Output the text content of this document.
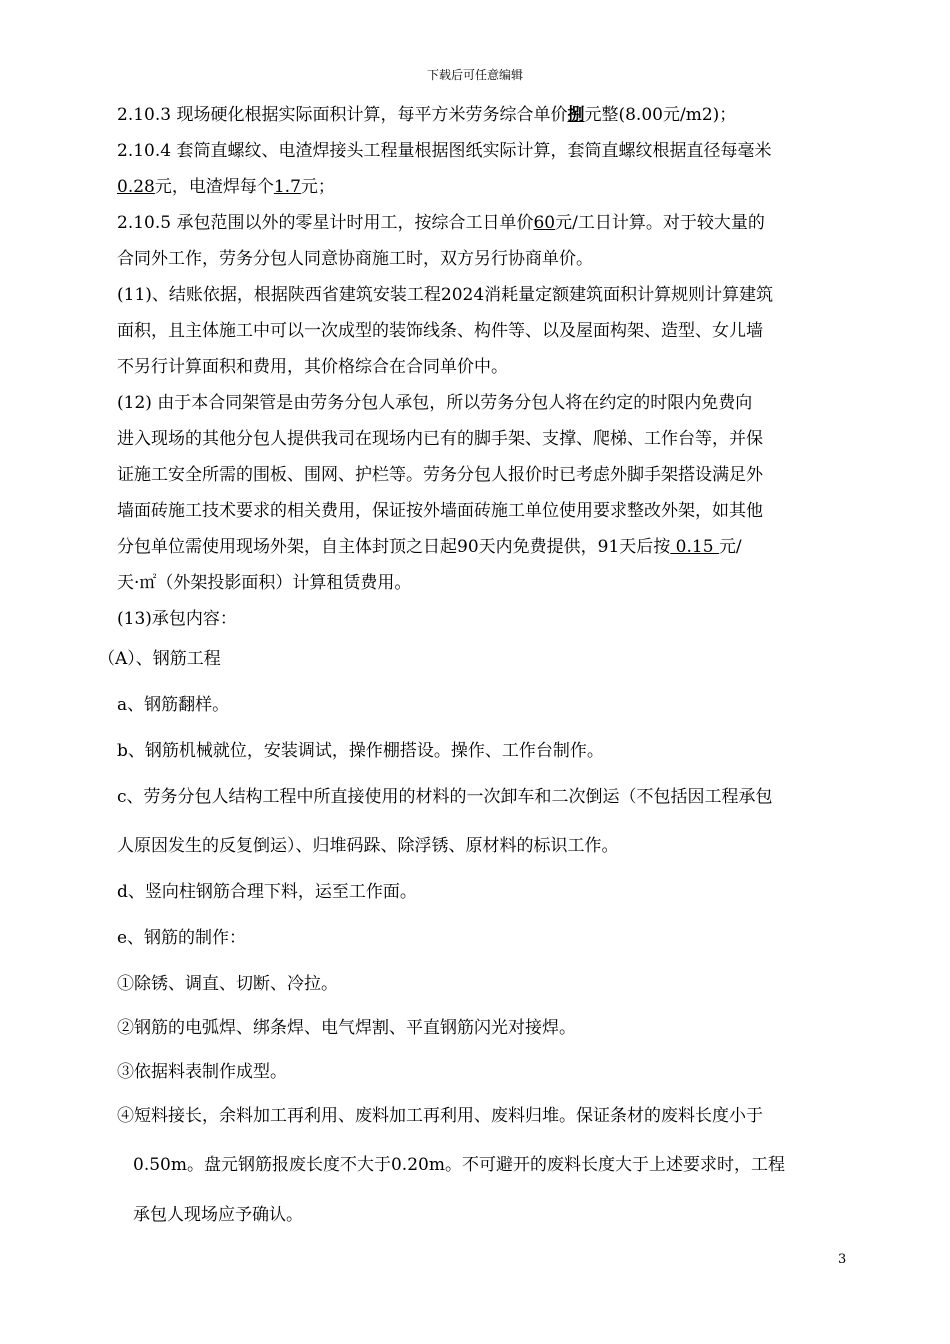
下载后可任意编辑

2.10.3 现场硬化根据实际面积计算，每平方米劳务综合单价捌元整(8.00元/m2)；

2.10.4 套筒直螺纹、电渣焊接头工程量根据图纸实际计算，套筒直螺纹根据直径每毫米

0.28元，电渣焊每个1.7元；

2.10.5 承包范围以外的零星计时用工，按综合工日单价60元/工日计算。对于较大量的

合同外工作，劳务分包人同意协商施工时，双方另行协商单价。

(11)、结账依据，根据陕西省建筑安装工程2024消耗量定额建筑面积计算规则计算建筑

面积，且主体施工中可以一次成型的装饰线条、构件等、以及屋面构架、造型、女儿墙

不另行计算面积和费用，其价格综合在合同单价中。

(12) 由于本合同架管是由劳务分包人承包，所以劳务分包人将在约定的时限内免费向

进入现场的其他分包人提供我司在现场内已有的脚手架、支撑、爬梯、工作台等，并保

证施工安全所需的围板、围网、护栏等。劳务分包人报价时已考虑外脚手架搭设满足外

墙面砖施工技术要求的相关费用，保证按外墙面砖施工单位使用要求整改外架，如其他

分包单位需使用现场外架，自主体封顶之日起90天内免费提供，91天后按 0.15 元/

天·㎡（外架投影面积）计算租赁费用。

(13)承包内容：

（A）、钢筋工程

a、钢筋翻样。

b、钢筋机械就位，安装调试，操作棚搭设。操作、工作台制作。

c、劳务分包人结构工程中所直接使用的材料的一次卸车和二次倒运（不包括因工程承包

人原因发生的反复倒运）、归堆码跺、除浮锈、原材料的标识工作。

d、竖向柱钢筋合理下料，运至工作面。

e、钢筋的制作：

①除锈、调直、切断、冷拉。

②钢筋的电弧焊、绑条焊、电气焊割、平直钢筋闪光对接焊。

③依据料表制作成型。

④短料接长，余料加工再利用、废料加工再利用、废料归堆。保证条材的废料长度小于

0.50m。盘元钢筋报废长度不大于0.20m。不可避开的废料长度大于上述要求时，工程

承包人现场应予确认。

3
